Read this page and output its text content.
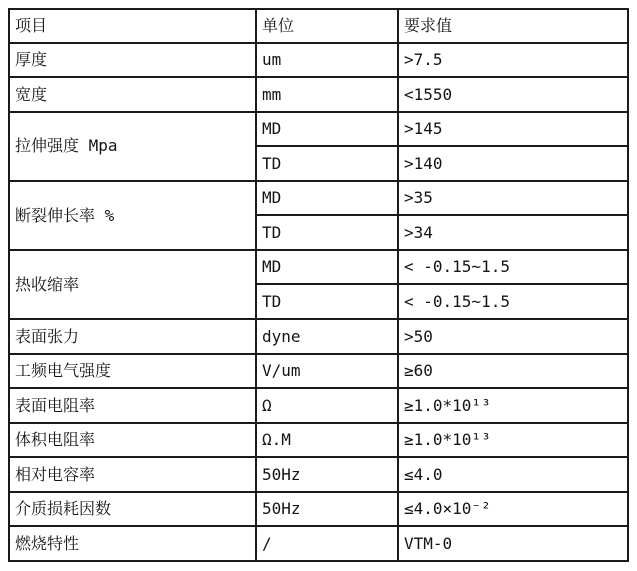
项目	单位	要求值
厚度	um	>7.5
宽度	mm	<1550
拉伸强度 Mpa	MD	>145
	TD	>140
断裂伸长率 %	MD	>35
	TD	>34
热收缩率	MD	< -0.15~1.5
	TD	< -0.15~1.5
表面张力	dyne	>50
工频电气强度	V/um	≥60
表面电阻率	Ω	≥1.0*10¹³
体积电阻率	Ω.M	≥1.0*10¹³
相对电容率	50Hz	≤4.0
介质损耗因数	50Hz	≤4.0×10⁻²
燃烧特性	/	VTM-0
